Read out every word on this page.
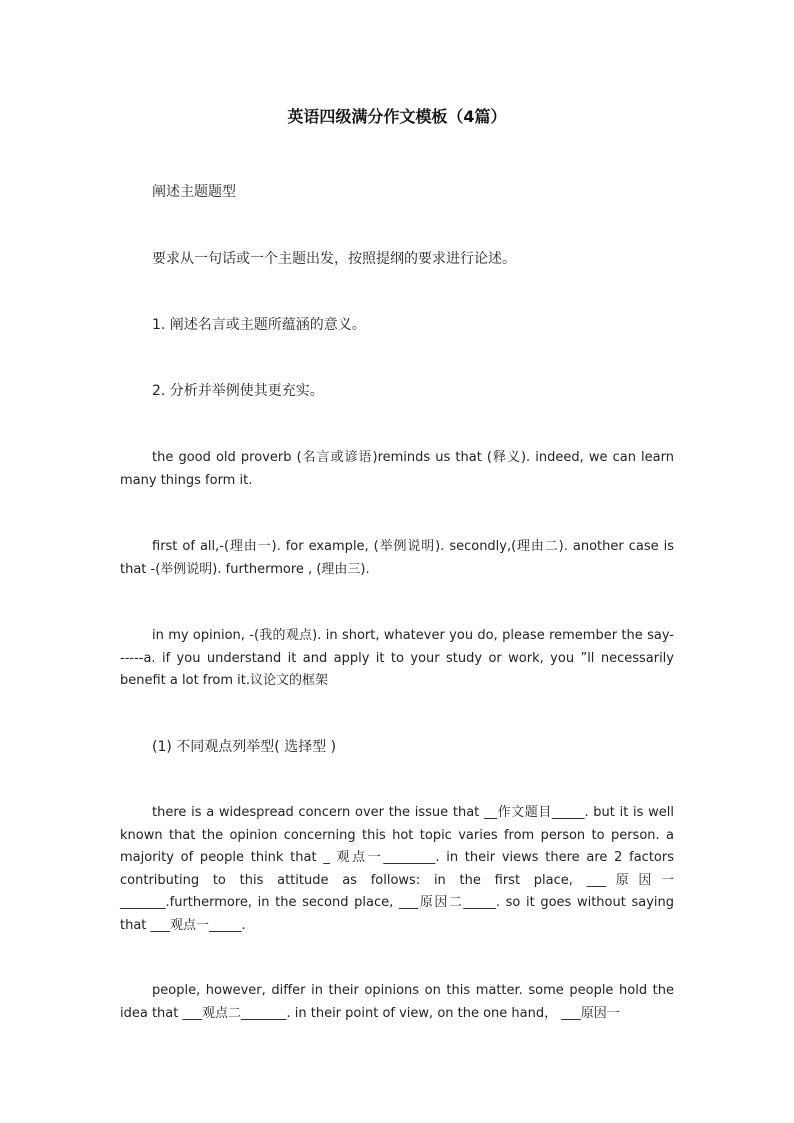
英语四级满分作文模板（4篇）
阐述主题题型
要求从一句话或一个主题出发，按照提纲的要求进行论述。
1. 阐述名言或主题所蕴涵的意义。
2. 分析并举例使其更充实。
the good old proverb (名言或谚语)reminds us that (释义). indeed, we can learn many things form it.
first of all,-(理由一). for example, (举例说明). secondly,(理由二). another case is that -(举例说明). furthermore , (理由三).
in my opinion, -(我的观点). in short, whatever you do, please remember the say------a. if you understand it and apply it to your study or work, you ”ll necessarily benefit a lot from it.议论文的框架
(1) 不同观点列举型( 选择型 )
there is a widespread concern over the issue that __作文题目_____. but it is well known that the opinion concerning this hot topic varies from person to person. a majority of people think that _ 观点一________. in their views there are 2 factors contributing to this attitude as follows: in the first place, ___原因一_______.furthermore, in the second place, ___原因二_____. so it goes without saying that ___观点一_____.
people, however, differ in their opinions on this matter. some people hold the idea that ___观点二_______. in their point of view, on the one hand， ___原因一
